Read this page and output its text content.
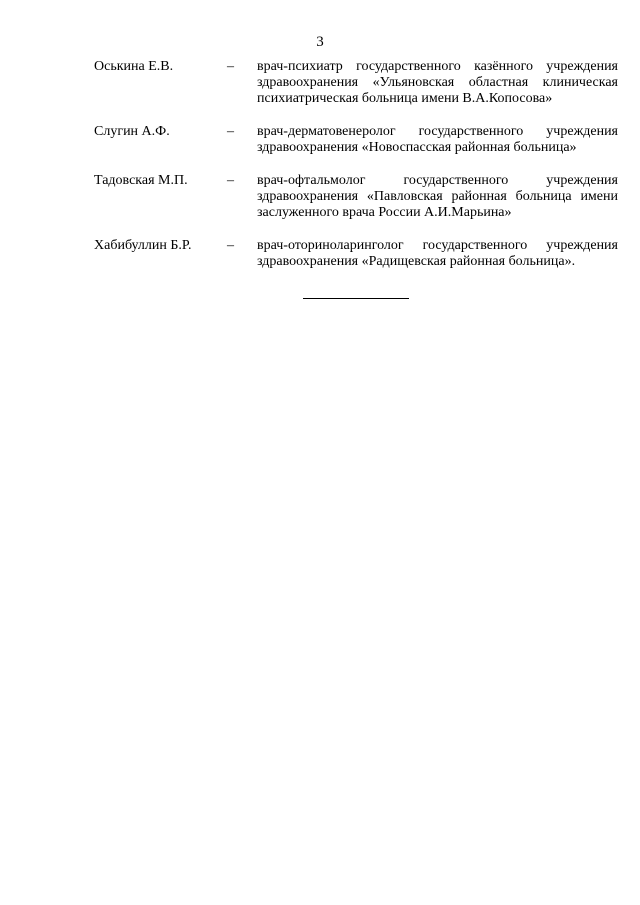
3
Оськина Е.В.	–	врач-психиатр государственного казённого учреждения здравоохранения «Ульяновская областная клиническая психиатрическая больница имени В.А.Копосова»
Слугин А.Ф.	–	врач-дерматовенеролог государственного учреждения здравоохранения «Новоспасская районная больница»
Тадовская М.П.	–	врач-офтальмолог государственного учреждения здравоохранения «Павловская районная больница имени заслуженного врача России А.И.Марьина»
Хабибуллин Б.Р.	–	врач-оториноларинголог государственного учреждения здравоохранения «Радищевская районная больница».
